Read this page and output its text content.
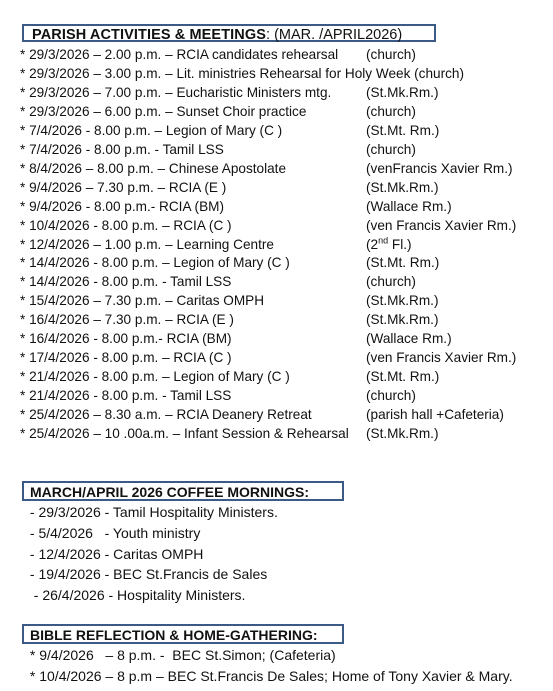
PARISH ACTIVITIES & MEETINGS: (MAR. /APRIL2026)
* 29/3/2026 – 2.00 p.m. – RCIA candidates rehearsal (church)
* 29/3/2026 – 3.00 p.m. – Lit. ministries Rehearsal for Holy Week (church)
* 29/3/2026 – 7.00 p.m. – Eucharistic Ministers mtg.	(St.Mk.Rm.)
* 29/3/2026 – 6.00 p.m. – Sunset Choir practice	(church)
* 7/4/2026 - 8.00 p.m. – Legion of Mary (C )	(St.Mt. Rm.)
* 7/4/2026 - 8.00 p.m. - Tamil LSS	(church)
* 8/4/2026 – 8.00 p.m. – Chinese Apostolate	(venFrancis Xavier Rm.)
* 9/4/2026 – 7.30 p.m. – RCIA (E )	(St.Mk.Rm.)
* 9/4/2026 - 8.00 p.m.- RCIA (BM)	(Wallace Rm.)
* 10/4/2026 - 8.00 p.m. – RCIA (C )	(ven Francis Xavier Rm.)
* 12/4/2026 – 1.00 p.m. – Learning Centre	(2nd Fl.)
* 14/4/2026 - 8.00 p.m. – Legion of Mary (C )	(St.Mt. Rm.)
* 14/4/2026 - 8.00 p.m. - Tamil LSS	(church)
* 15/4/2026 – 7.30 p.m. – Caritas OMPH	(St.Mk.Rm.)
* 16/4/2026 – 7.30 p.m. – RCIA (E )	(St.Mk.Rm.)
* 16/4/2026 - 8.00 p.m.- RCIA (BM)	(Wallace Rm.)
* 17/4/2026 - 8.00 p.m. – RCIA (C )	(ven Francis Xavier Rm.)
* 21/4/2026 - 8.00 p.m. – Legion of Mary (C )	(St.Mt. Rm.)
* 21/4/2026 - 8.00 p.m. - Tamil LSS	(church)
* 25/4/2026 – 8.30 a.m. – RCIA Deanery Retreat	(parish hall +Cafeteria)
* 25/4/2026 – 10 .00a.m. – Infant Session & Rehearsal (St.Mk.Rm.)
MARCH/APRIL 2026 COFFEE MORNINGS:
- 29/3/2026 - Tamil Hospitality Ministers.
- 5/4/2026   - Youth ministry
- 12/4/2026 - Caritas OMPH
- 19/4/2026 - BEC St.Francis de Sales
- 26/4/2026 - Hospitality Ministers.
BIBLE REFLECTION & HOME-GATHERING:
* 9/4/2026   – 8 p.m. -  BEC St.Simon; (Cafeteria)
* 10/4/2026 – 8 p.m – BEC St.Francis De Sales; Home of Tony Xavier & Mary.
